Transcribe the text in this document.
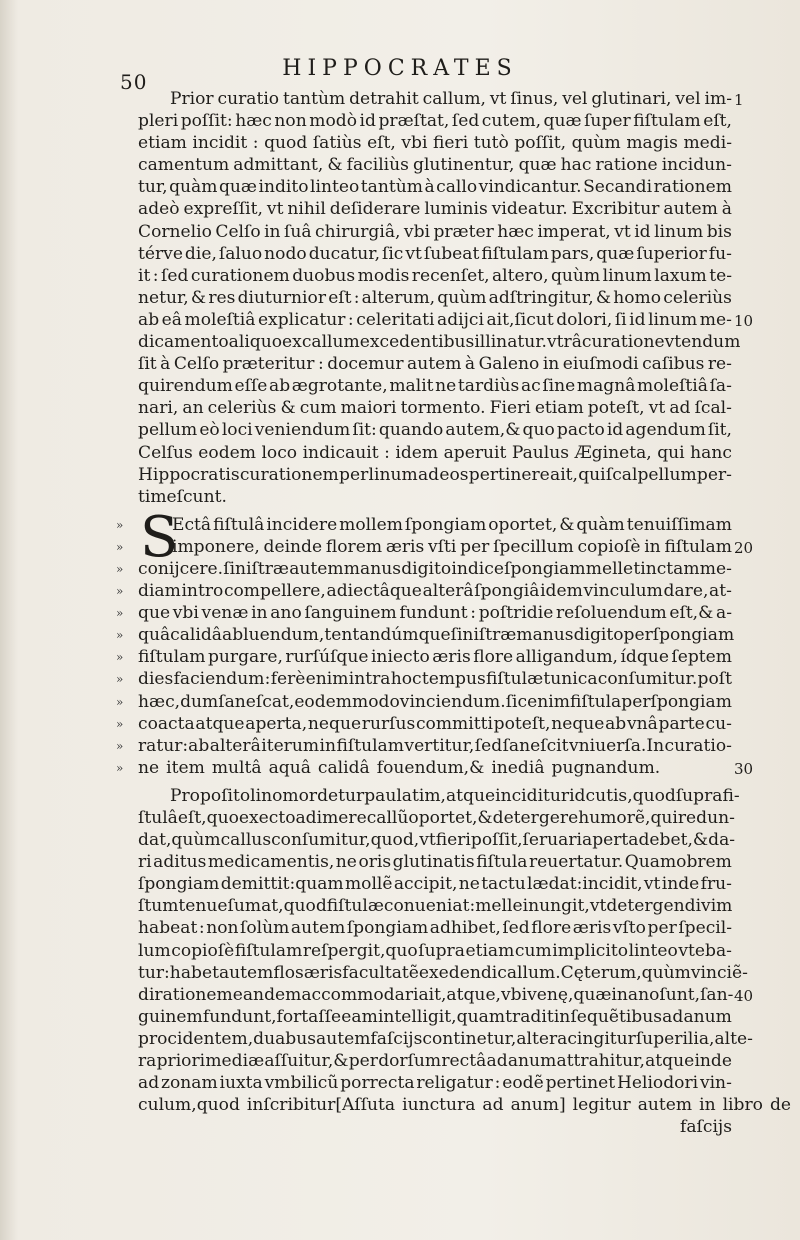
50
HIPPOCRATES
Prior curatio tantùm detrahit callum, vt ſinus, vel glutinari, vel im-
pleri poſſit: hæc non modò id præſtat, ſed cutem, quæ ſuper fiſtulam eſt,
etiam incidit : quod ſatiùs eſt, vbi fieri tutò poſſit, quùm magis medi-
camentum admittant, & faciliùs glutinentur, quæ hac ratione incidun-
tur, quàm quæ indito linteo tantùm à callo vindicantur. Secandi rationem
adeò expreſſit, vt nihil deſiderare luminis videatur. Excribitur autem à
Cornelio Celſo in ſuâ chirurgiâ, vbi præter hæc imperat, vt id linum bis
térve die, ſaluo nodo ducatur, ſic vt ſubeat fiſtulam pars, quæ ſuperior fu-
it : ſed curationem duobus modis recenſet, altero, quùm linum laxum te-
netur, & res diuturnior eſt : alterum, quùm adſtringitur, & homo celeriùs
ab eâ moleſtiâ explicatur : celeritati adijci ait,ſicut dolori, ſi id linum me-
dicamento aliquo ex callum excedentibus illinatur. vtrâ curatione vtendum
ſit à Celſo præteritur : docemur autem à Galeno in eiuſmodi caſibus re-
quirendum eſſe ab ægrotante, malit ne tardiùs ac ſine magnâ moleſtiâ ſa-
nari, an celeriùs & cum maiori tormento. Fieri etiam poteſt, vt ad ſcal-
pellum eò loci veniendum ſit: quando autem,& quo pacto id agendum ſit,
Celſus eodem loco indicauit : idem aperuit Paulus Æginetа, qui hanc
Hippocratis curationem per linum ad eos pertinere ait, qui ſcalpellum per-
timeſcunt.
S
Ectâ fiſtulâ incidere mollem ſpongiam oportet, & quàm tenuiſſimam
»
imponere, deinde florem æris vſti per ſpecillum copioſè in fiſtulam
»
conijcere. ſiniſtræ autem manus digito indice ſpongiam melle tinctam me-
»
diam intro compellere, adiectâque alterâ ſpongiâ idem vinculum dare, at-
»
que vbi venæ in ano ſanguinem fundunt : poſtridie reſoluendum eſt,& a-
»
quâ calidâ abluendum, tentandúmque ſiniſtræ manus digito per ſpongiam
»
fiſtulam purgare, rurſúſque iniecto æris flore alligandum, ídque ſeptem
»
dies faciendum : ferè enim intra hoc tempus fiſtulæ tunica conſumitur. poſt
»
hæc,dum ſaneſcat,eodem modo vinciendum. ſic enim fiſtula per ſpongiam
»
coacta atque aperta, neque rurſus committi poteſt, neque ab vnâ parte cu-
»
ratur:ab alterâ iterum in fiſtulam vertitur, ſed ſaneſcit vniuerſa.In curatio-
»
ne item multâ aquâ calidâ fouendum,& inediâ pugnandum.
»
Propoſito lino mordetur paulatim,atque inciditur id cutis,quod ſupra fi-
ſtulâ eſt,quo execto adimere callũ oportet,& detergere humorẽ, qui redun-
dat,quùm callus conſumitur,quod,vt fieri poſſit,ſeruari aperta debet,& da-
ri aditus medicamentis, ne oris glutinatis fiſtula reuertatur. Quamobrem
ſpongiam demittit:quam mollẽ accipit, ne tactu lædat:incidit, vt inde fru-
ſtum tenue ſumat, quod fiſtulæ conueniat: melle inungit,vt detergendi vim
habeat : non ſolùm autem ſpongiam adhibet, ſed flore æris vſto per ſpecil-
lum copioſè fiſtulam reſpergit,quo ſupra etiam cum implicito linteo vteba-
tur:habet autem flos æris facultatẽ exedendi callum. Cęterum,quùm vinciẽ-
di rationem eandem accommodari ait,atque,vbi venę,quæ in ano ſunt, ſan-
guinem fundunt,fortaſſe eam intelligit, quam tradit in ſequẽtibus ad anum
procidentem,duabus autem faſcijs continetur,altera cingitur ſuper ilia,alte-
ra priori mediæ aſſuitur,& per dorſum rectâ ad anum attrahitur, atque inde
ad zonam iuxta vmbilicũ porrecta religatur : eodẽ pertinet Heliodori vin-
culum,quod inſcribitur[Aſſuta iunctura ad anum] legitur autem in libro de
faſcijs
1
10
20
30
40
